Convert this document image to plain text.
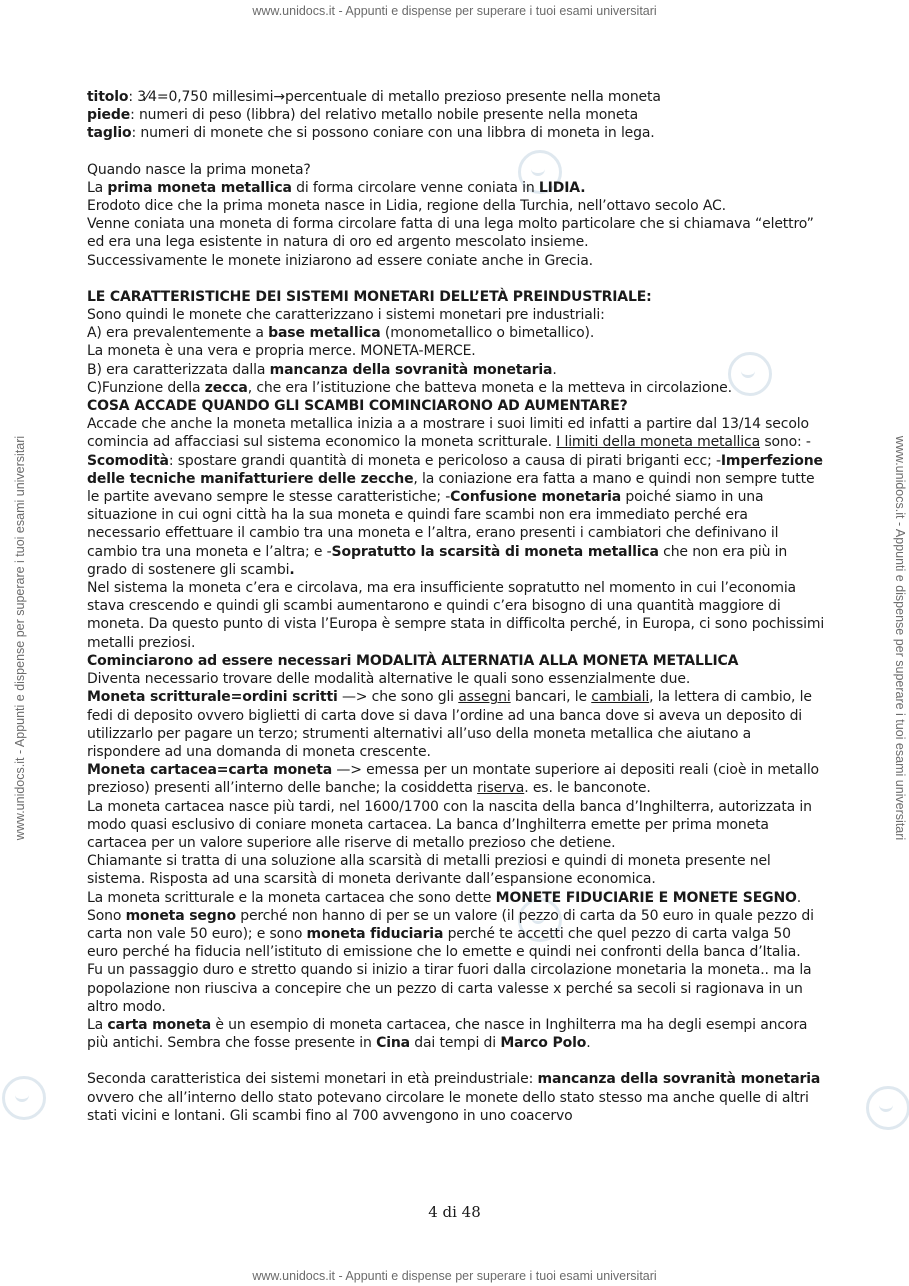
www.unidocs.it - Appunti e dispense per superare i tuoi esami universitari
www.unidocs.it - Appunti e dispense per superare i tuoi esami universitari
www.unidocs.it - Appunti e dispense per superare i tuoi esami universitari	www.unidocs.it - Appunti e dispense per superare i tuoi esami universitari

titolo: 3⁄4=0,750 millesimi→percentuale di metallo prezioso presente nella moneta

piede: numeri di peso (libbra) del relativo metallo nobile presente nella moneta

taglio: numeri di monete che si possono coniare con una libbra di moneta in lega.

Quando nasce la prima moneta?

La prima moneta metallica di forma circolare venne coniata in LIDIA.

Erodoto dice che la prima moneta nasce in Lidia, regione della Turchia, nell’ottavo secolo AC.

Venne coniata una moneta di forma circolare fatta di una lega molto particolare che si chiamava “elettro” ed era una lega esistente in natura di oro ed argento mescolato insieme.

Successivamente le monete iniziarono ad essere coniate anche in Grecia.

LE CARATTERISTICHE DEI SISTEMI MONETARI DELL’ETÀ PREINDUSTRIALE:

Sono quindi le monete che caratterizzano i sistemi monetari pre industriali:

A) era prevalentemente a base metallica (monometallico o bimetallico).

La moneta è una vera e propria merce. MONETA-MERCE.

B) era caratterizzata dalla mancanza della sovranità monetaria.

C)Funzione della zecca, che era l’istituzione che batteva moneta e la metteva in circolazione.

COSA ACCADE QUANDO GLI SCAMBI COMINCIARONO AD AUMENTARE?

Accade che anche la moneta metallica inizia a a mostrare i suoi limiti ed infatti a partire dal 13/14 secolo comincia ad affacciasi sul sistema economico la moneta scritturale. I limiti della moneta metallica sono: -Scomodità: spostare grandi quantità di moneta e pericoloso a causa di pirati briganti ecc; -Imperfezione delle tecniche manifatturiere delle zecche, la coniazione era fatta a mano e quindi non sempre tutte le partite avevano sempre le stesse caratteristiche; -Confusione monetaria poiché siamo in una situazione in cui ogni città ha la sua moneta e quindi fare scambi non era immediato perché era necessario effettuare il cambio tra una moneta e l’altra, erano presenti i cambiatori che definivano il cambio tra una moneta e l’altra; e -Sopratutto la scarsità di moneta metallica che non era più in grado di sostenere gli scambi.

Nel sistema la moneta c’era e circolava, ma era insufficiente sopratutto nel momento in cui l’economia stava crescendo e quindi gli scambi aumentarono e quindi c’era bisogno di una quantità maggiore di moneta. Da questo punto di vista l’Europa è sempre stata in difficolta perché, in Europa, ci sono pochissimi metalli preziosi.

Cominciarono ad essere necessari MODALITÀ ALTERNATIA ALLA MONETA METALLICA

Diventa necessario trovare delle modalità alternative le quali sono essenzialmente due.

Moneta scritturale=ordini scritti —> che sono gli assegni bancari, le cambiali, la lettera di cambio, le fedi di deposito ovvero biglietti di carta dove si dava l’ordine ad una banca dove si aveva un deposito di utilizzarlo per pagare un terzo; strumenti alternativi all’uso della moneta metallica che aiutano a rispondere ad una domanda di moneta crescente.

Moneta cartacea=carta moneta —> emessa per un montate superiore ai depositi reali (cioè in metallo prezioso) presenti all’interno delle banche; la cosiddetta riserva. es. le banconote.

La moneta cartacea nasce più tardi, nel 1600/1700 con la nascita della banca d’Inghilterra, autorizzata in modo quasi esclusivo di coniare moneta cartacea. La banca d’Inghilterra emette per prima moneta cartacea per un valore superiore alle riserve di metallo prezioso che detiene.

Chiamante si tratta di una soluzione alla scarsità di metalli preziosi e quindi di moneta presente nel sistema. Risposta ad una scarsità di moneta derivante dall’espansione economica.

La moneta scritturale e la moneta cartacea che sono dette MONETE FIDUCIARIE E MONETE SEGNO. Sono moneta segno perché non hanno di per se un valore (il pezzo di carta da 50 euro in quale pezzo di carta non vale 50 euro); e sono moneta fiduciaria perché te accetti che quel pezzo di carta valga 50 euro perché ha fiducia nell’istituto di emissione che lo emette e quindi nei confronti della banca d’Italia.

Fu un passaggio duro e stretto quando si inizio a tirar fuori dalla circolazione monetaria la moneta.. ma la popolazione non riusciva a concepire che un pezzo di carta valesse x perché sa secoli si ragionava in un altro modo.

La carta moneta è un esempio di moneta cartacea, che nasce in Inghilterra ma ha degli esempi ancora più antichi. Sembra che fosse presente in Cina dai tempi di Marco Polo.

Seconda caratteristica dei sistemi monetari in età preindustriale: mancanza della sovranità monetaria ovvero che all’interno dello stato potevano circolare le monete dello stato stesso ma anche quelle di altri stati vicini e lontani. Gli scambi fino al 700 avvengono in uno coacervo

4 di 48
